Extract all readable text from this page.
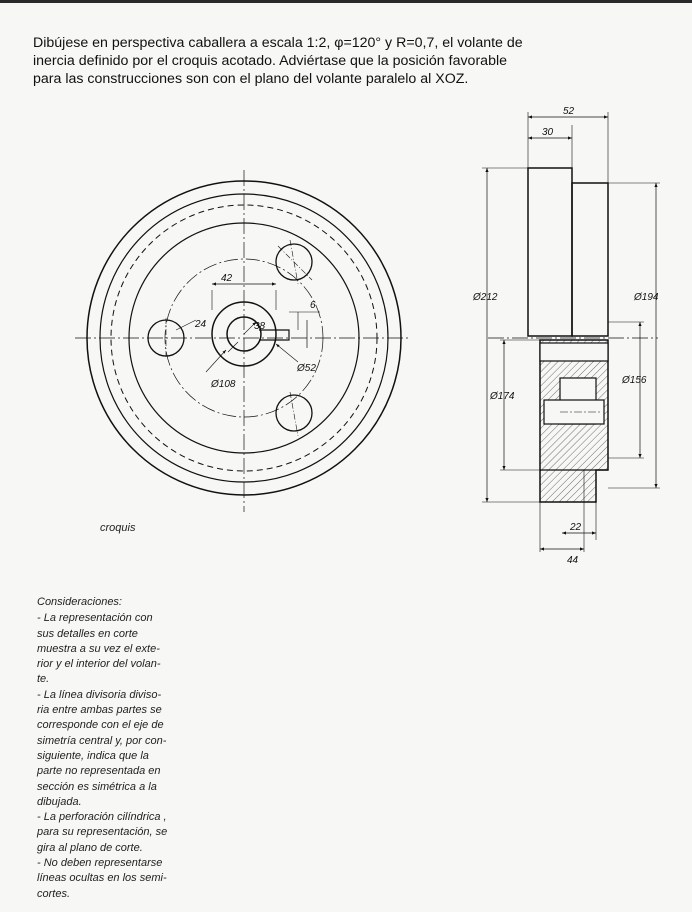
Dibújese en perspectiva caballera a escala 1:2, φ=120° y R=0,7, el volante de
inercia definido por el croquis acotado. Adviértase que la posición favorable
para las construcciones son con el plano del volante paralelo al XOZ.
42
38
24
6
Ø52
Ø108
52
30
Ø212	Ø194
Ø174
Ø156
22
44
croquis
Consideraciones:
- La representación con
sus detalles en corte
muestra a su vez el exte-
rior y el interior del volan-
te.
- La línea divisoria diviso-
ria entre ambas partes se
corresponde con el eje de
simetría central y, por con-
siguiente, indica que la
parte no representada en
sección es simétrica a la
dibujada.
- La perforación cilíndrica ,
para su representación, se
gira al plano de corte.
- No deben representarse
líneas ocultas en los semi-
cortes.
